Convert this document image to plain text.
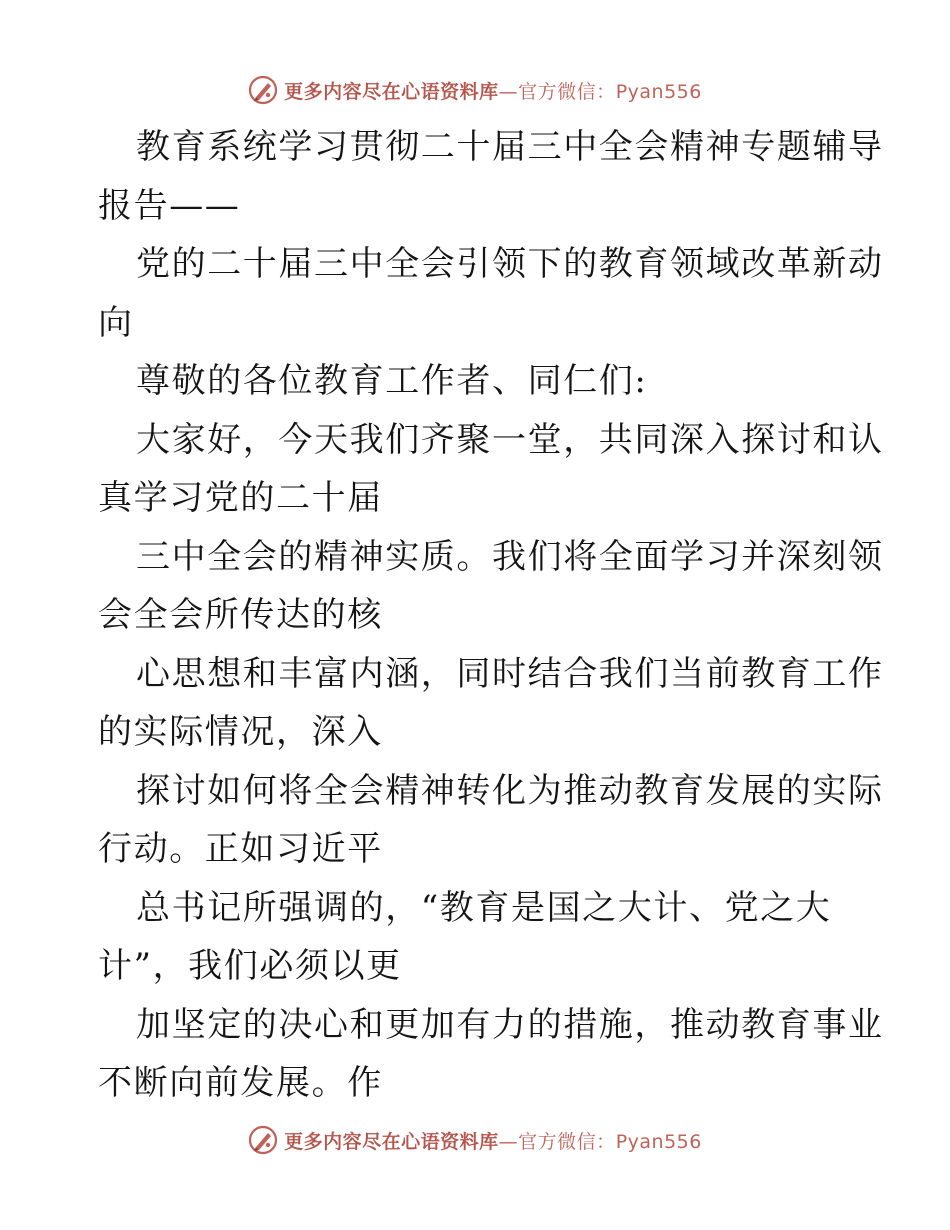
更多内容尽在心语资料库—官方微信：Pyan556
教育系统学习贯彻二十届三中全会精神专题辅导
报告——
党的二十届三中全会引领下的教育领域改革新动
向
尊敬的各位教育工作者、同仁们:
大家好，今天我们齐聚一堂，共同深入探讨和认
真学习党的二十届
三中全会的精神实质。我们将全面学习并深刻领
会全会所传达的核
心思想和丰富内涵，同时结合我们当前教育工作
的实际情况，深入
探讨如何将全会精神转化为推动教育发展的实际
行动。正如习近平
总书记所强调的，“教育是国之大计、党之大
计”，我们必须以更
加坚定的决心和更加有力的措施，推动教育事业
不断向前发展。作
更多内容尽在心语资料库—官方微信：Pyan556
